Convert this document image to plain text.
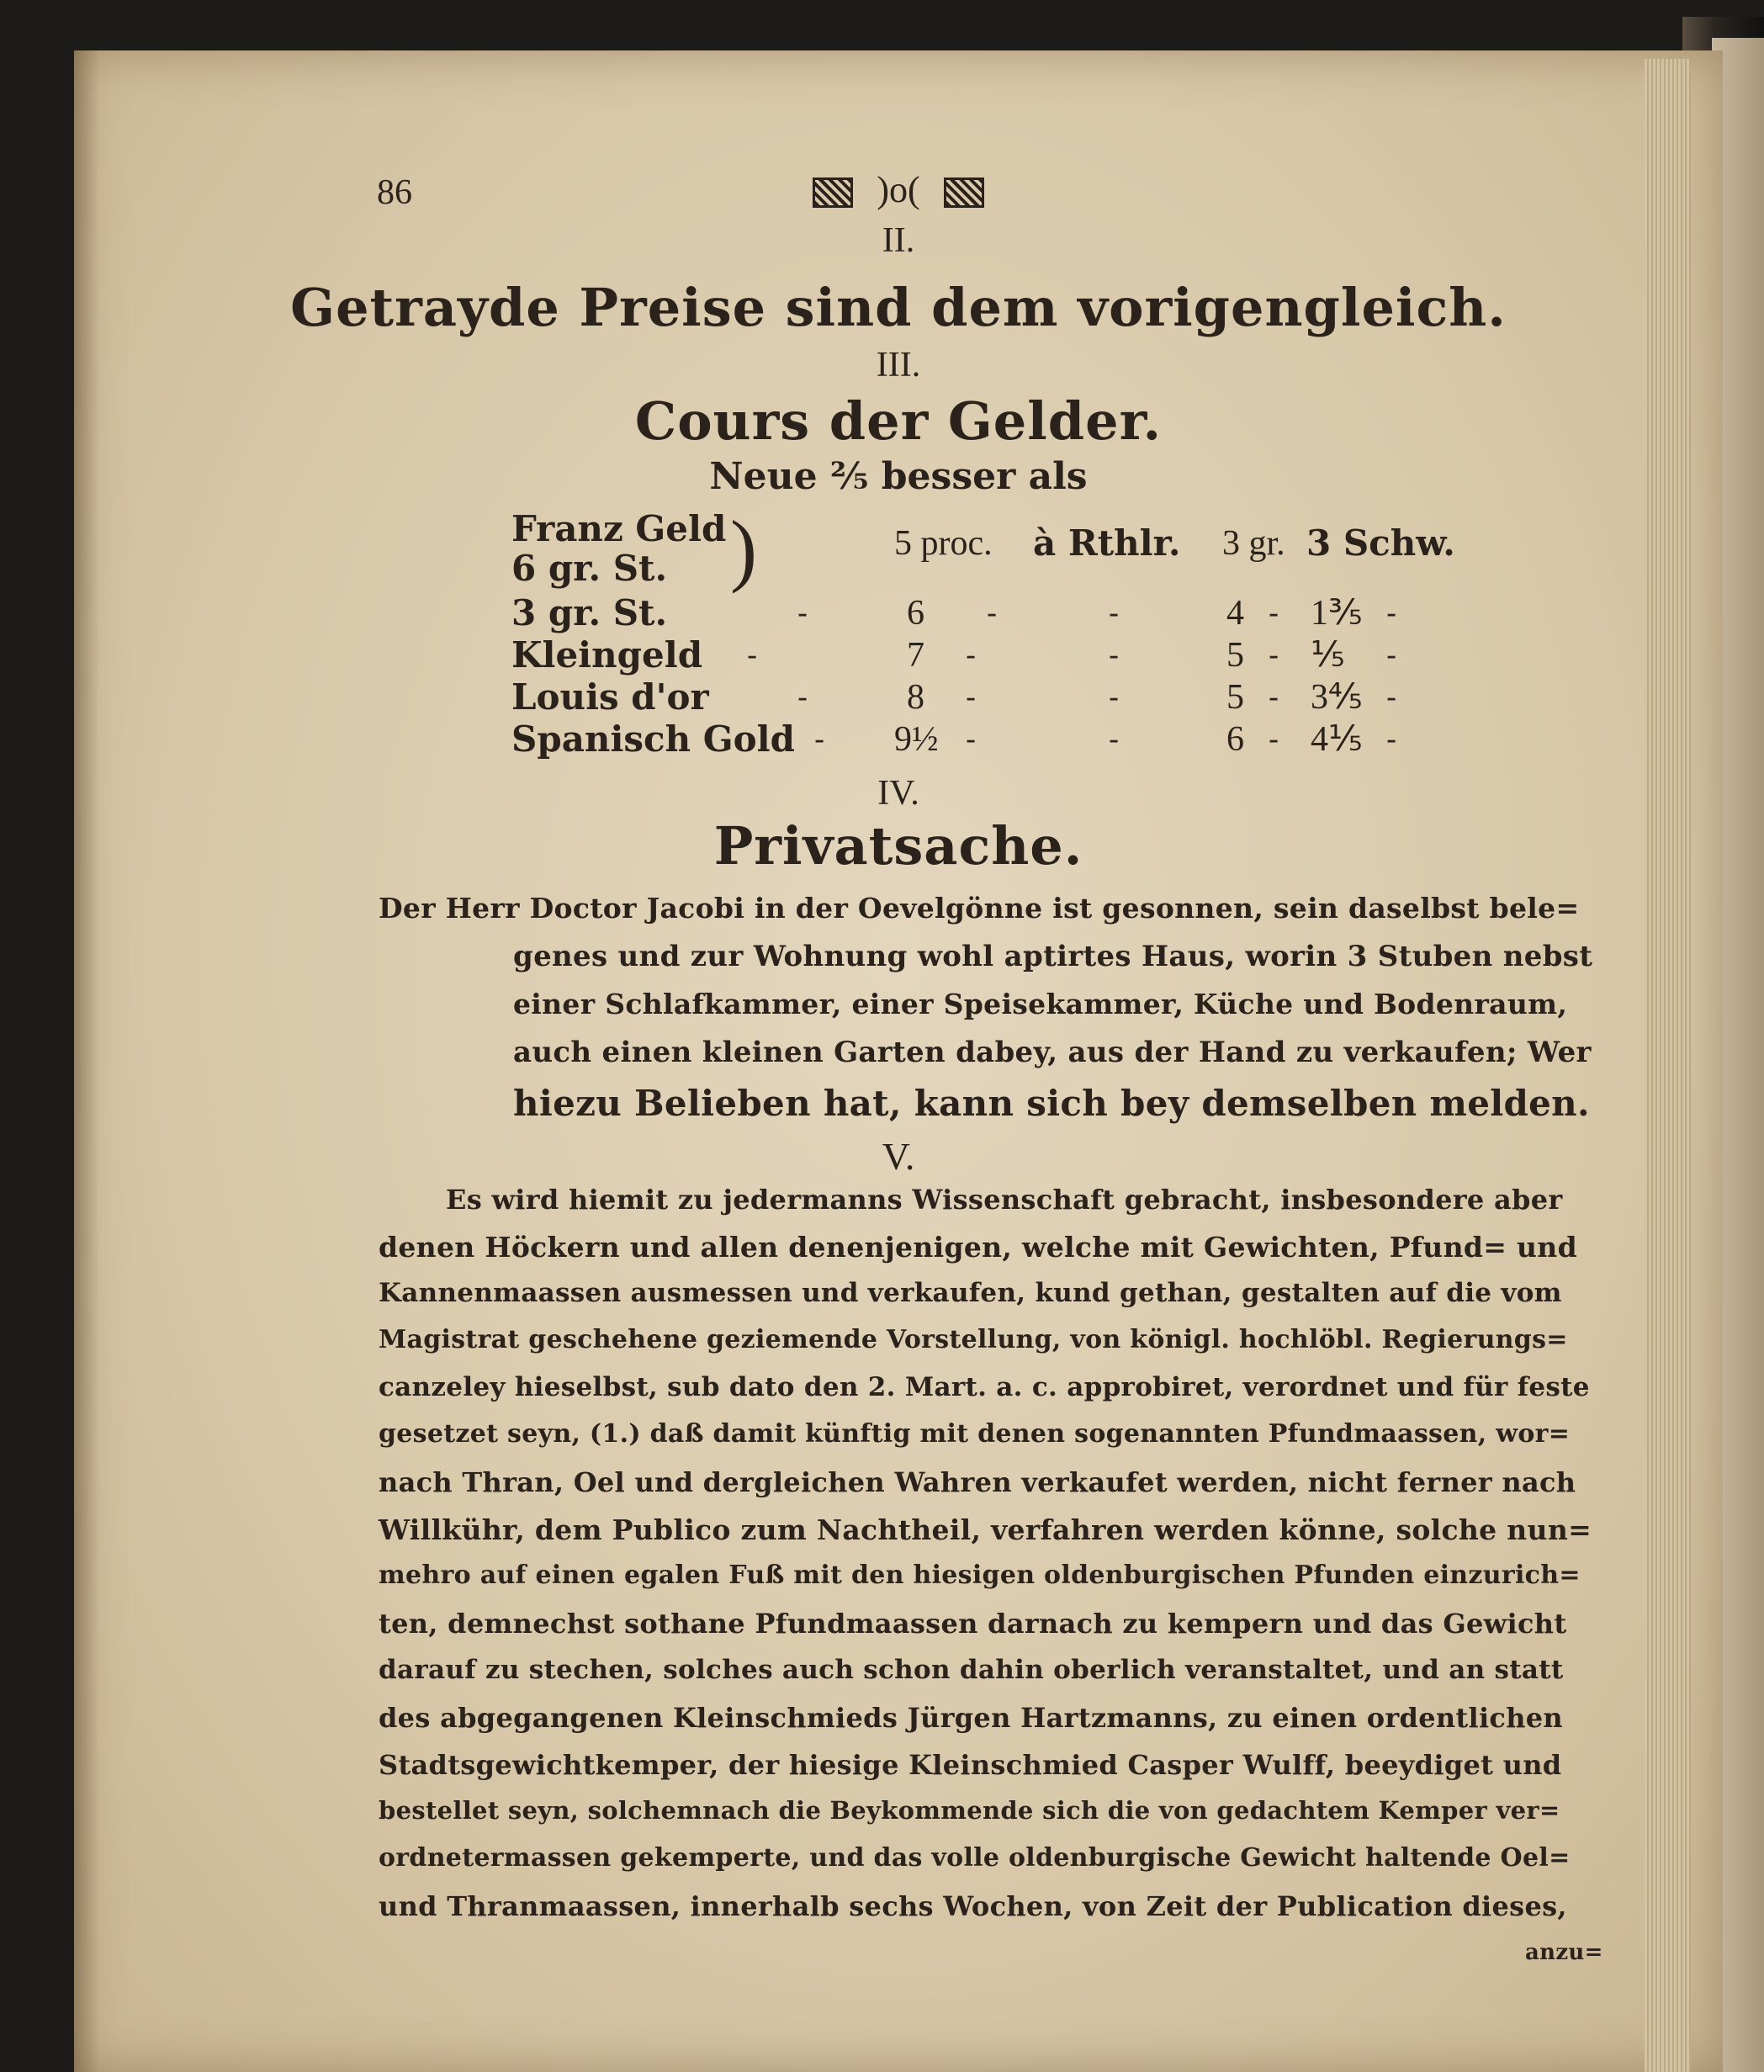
86	)o(
II.
Getrayde Preise sind dem vorigengleich.
III.
Cours der Gelder.
Neue ⅖ besser als
Franz Geld
6 gr. St. )	5 proc. à Rthlr. 3 gr. 3 Schw.
3 gr. St.	-	6 -	-	4 - 1⅗ -
Kleingeld -	7 -	-	5 - ⅕ -
Louis d'or	-	8 -	-	5 - 3⅘ -
Spanisch Gold - 9½ -	-	6 - 4⅕ -
IV.
Privatsache.
Der Herr Doctor Jacobi in der Oevelgönne ist gesonnen, sein daselbst bele=
genes und zur Wohnung wohl aptirtes Haus, worin 3 Stuben nebst
einer Schlafkammer, einer Speisekammer, Küche und Bodenraum,
auch einen kleinen Garten dabey, aus der Hand zu verkaufen; Wer
hiezu Belieben hat, kann sich bey demselben melden.
V.
Es wird hiemit zu jedermanns Wissenschaft gebracht, insbesondere aber
denen Höckern und allen denenjenigen, welche mit Gewichten, Pfund= und
Kannenmaassen ausmessen und verkaufen, kund gethan, gestalten auf die vom
Magistrat geschehene geziemende Vorstellung, von königl. hochlöbl. Regierungs=
canzeley hieselbst, sub dato den 2. Mart. a. c. approbiret, verordnet und für feste
gesetzet seyn, (1.) daß damit künftig mit denen sogenannten Pfundmaassen, wor=
nach Thran, Oel und dergleichen Wahren verkaufet werden, nicht ferner nach
Willkühr, dem Publico zum Nachtheil, verfahren werden könne, solche nun=
mehro auf einen egalen Fuß mit den hiesigen oldenburgischen Pfunden einzurich=
ten, demnechst sothane Pfundmaassen darnach zu kempern und das Gewicht
darauf zu stechen, solches auch schon dahin oberlich veranstaltet, und an statt
des abgegangenen Kleinschmieds Jürgen Hartzmanns, zu einen ordentlichen
Stadtsgewichtkemper, der hiesige Kleinschmied Casper Wulff, beeydiget und
bestellet seyn, solchemnach die Beykommende sich die von gedachtem Kemper ver=
ordnetermassen gekemperte, und das volle oldenburgische Gewicht haltende Oel=
und Thranmaassen, innerhalb sechs Wochen, von Zeit der Publication dieses,
anzu=
